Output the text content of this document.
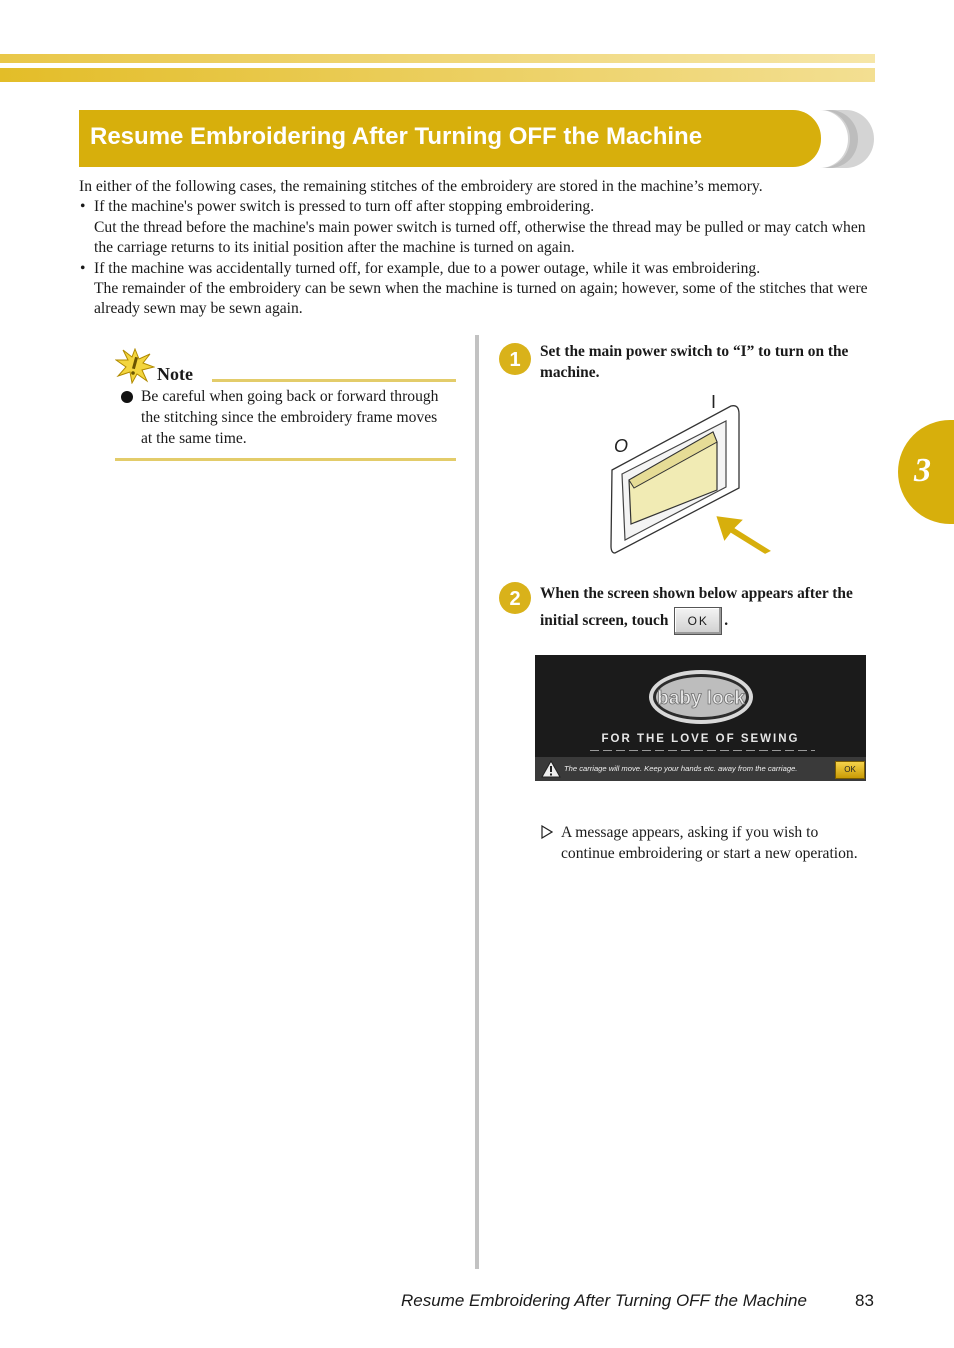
Resume Embroidering After Turning OFF the Machine
3

In either of the following cases, the remaining stitches of the embroidery are stored in the machine’s memory.

• If the machine's power switch is pressed to turn off after stopping embroidering.

Cut the thread before the machine's main power switch is turned off, otherwise the thread may be pulled or may catch when the carriage returns to its initial position after the machine is turned on again.

• If the machine was accidentally turned off, for example, due to a power outage, while it was embroidering.

The remainder of the embroidery can be sewn when the machine is turned on again; however, some of the stitches that were already sewn may be sewn again.

Note
Be careful when going back or forward through the stitching since the embroidery frame moves at the same time.
1 Set the main power switch to “I” to turn on the machine.
O
I
2 When the screen shown below appears after the initial screen, touch OK .
baby lock
FOR THE LOVE OF SEWING
The carriage will move. Keep your hands etc. away from the carriage.	OK
A message appears, asking if you wish to continue embroidering or start a new operation.
Resume Embroidering After Turning OFF the Machine	83
